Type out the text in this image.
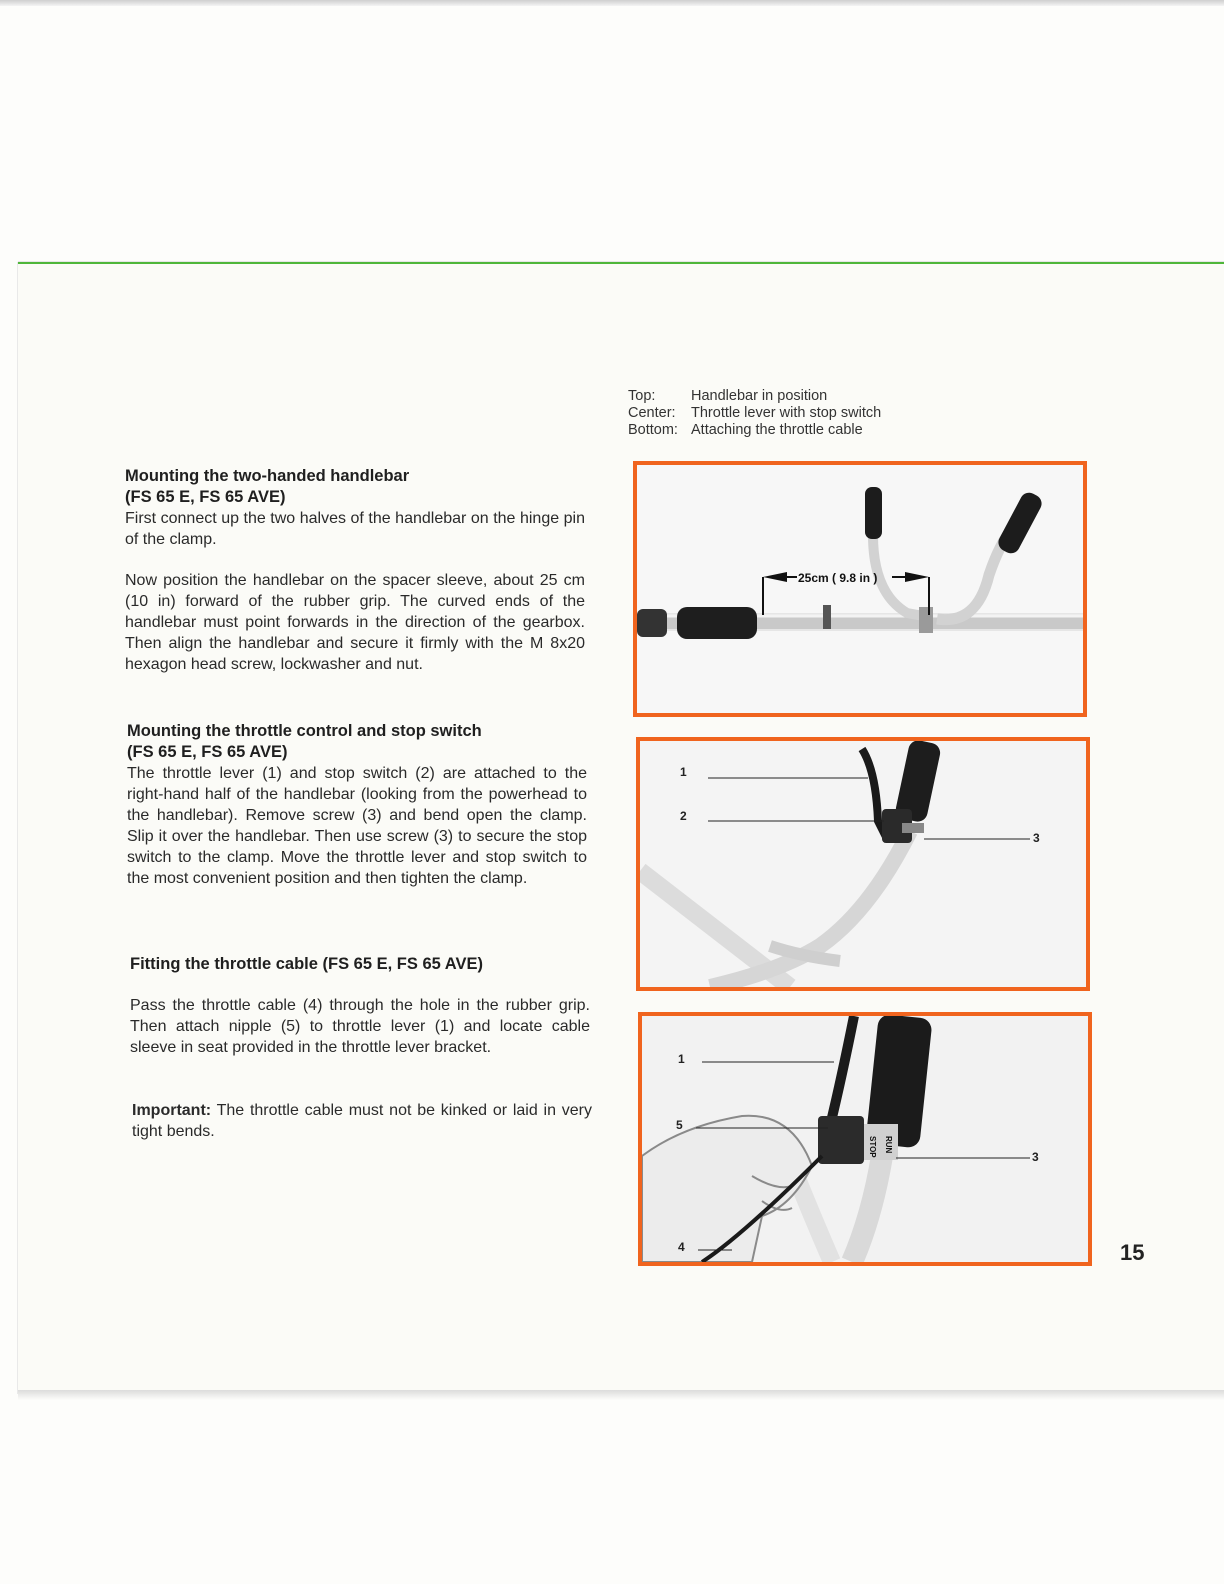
Top:	Handlebar in position
Center:	Throttle lever with stop switch
Bottom: Attaching the throttle cable
Mounting the two-handed handlebar
(FS 65 E, FS 65 AVE)

First connect up the two halves of the handlebar on the hinge pin of the clamp.

Now position the handlebar on the spacer sleeve, about 25 cm (10 in) forward of the rubber grip. The curved ends of the handlebar must point forwards in the direction of the gearbox. Then align the handlebar and secure it firmly with the M 8x20 hexagon head screw, lockwasher and nut.

Mounting the throttle control and stop switch
(FS 65 E, FS 65 AVE)

The throttle lever (1) and stop switch (2) are attached to the right-hand half of the handlebar (looking from the powerhead to the handlebar). Remove screw (3) and bend open the clamp. Slip it over the handlebar. Then use screw (3) to secure the stop switch to the clamp. Move the throttle lever and stop switch to the most convenient position and then tighten the clamp.

Fitting the throttle cable (FS 65 E, FS 65 AVE)

Pass the throttle cable (4) through the hole in the rubber grip. Then attach nipple (5) to throttle lever (1) and locate cable sleeve in seat provided in the throttle lever bracket.

Important: The throttle cable must not be kinked or laid in very tight bends.

25cm ( 9.8 in )
1
2
3
STOP RUN
1
5
3
4	15
